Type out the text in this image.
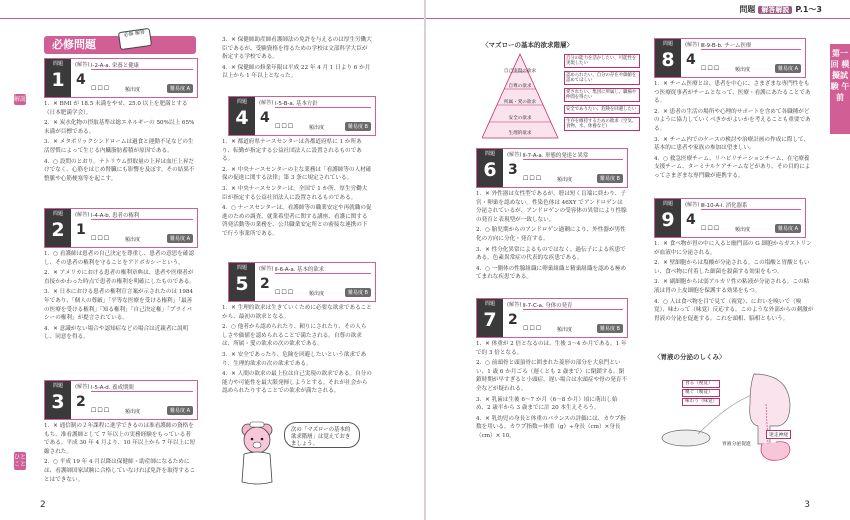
必修問題
必修 解答
解説
ひとこと
問題
1
(解答)
4
Ⅰ-2-A-a. 栄養と健康
☐☐☐	頻出度	難易度 A

1．✕ BMI が 18.5 未満をやせ、25.0 以上を肥満とする（日本肥満学会）。

2．✕ 炭水化物の摂取基準は総エネルギーの 50%以上 65%未満が目標である。

3．✕ メタボリックシンドロームは過食と運動不足などの生活習慣によって生じる内臓脂肪蓄積が原因である。

4．○ 設問のとおり。ナトリウム摂取量の上昇は血圧上昇だけでなく、心筋をはじめ腎臓にも影響を及ぼす。その結果不整脈や心筋梗塞等を起こす。

問題
2
(解答)
1
Ⅰ-4-A-b. 患者の権利
☐☐☐	頻出度	難易度 A

1．○ 看護師は患者の自己決定を尊重し、患者の意思を確認し、その患者の権利を守ることをアドボカシーという。

2．✕ アメリカにおける患者の権利章典は、患者や医療者が直接かかわった時点で患者の権利を明確にしたものである。

3．✕ 日本における患者の権利宣言案が示されたのは 1984 年であり、「個人の尊厳」「平等な医療を受ける権利」「最善の医療を受ける権利」「知る権利」「自己決定権」「プライバシーの権利」が提言されている。

4．✕ 意識がない場合や認知症などの場合は近親者に説明し、同意を得る。

問題
3
(解答)
2
Ⅰ-5-A-d. 養成期間
☐☐☐	頻出度	難易度 A

1．✕ 通信制の２年課程に進学できるのは准看護師の資格をもち、准看護師として 7 年以上の実務経験をもっている者である。平成 30 年 4 月より、10 年以上から 7 年以上に短縮された。

2．○ 平成 19 年 4 月以降は保健師・助産師になるためには、看護師国家試験に合格していなければ免許を取得することはできない。

3．✕ 保健師助産師看護師法の免許を与えるのは厚生労働大臣であるが、受験資格を得るための学校は文部科学大臣が指定する学校である。

4．✕ 保健師の修業年限は平成 22 年 4 月 1 日より 6 か月以上から 1 年以上となった。

問題
4
(解答)
4
Ⅰ-5-B-a. 基本方針
☐☐☐	頻出度	難易度 B

1．✕ 都道府県ナースセンターは各都道府県に 1 か所あり、転勤が指定する公益社団法人に設置されるものである。

2．✕ 中央ナースセンターの主な業務は「看護師等の人材確保の促進に関する法律」第 3 条に規定されている。

3．✕ 中央ナースセンターは、全国で 1 か所、厚生労働大臣が指定する公益社団法人に設置されるものである。

4．○ ナースセンターは、看護師等の職業安定や再就職の促進のための調査、就業希望者に関する講座、看護に関する啓発活動等の業務を、公共職業安定所との密接な連携の下で行う事業所である。

問題
5
(解答)
2
Ⅱ-6-A-a. 基本的欲求
☐☐☐	頻出度	難易度 B

1．✕ 生理的欲求は生きていくために必要な欲求であることから、最初の欲求となる。

2．○ 他者から認められたり、頼りにされたり、その人らしさや価値を認められることで満たされる。自尊の欲求は、所属・愛の欲求の次の欲求である。

3．✕ 安全であったり、危険を回避したいという欲求であり、生理的欲求の次の欲求である。

4．✕ 人間の欲求の最上位は自己実現の欲求である。自分の能力や可能性を最大限発揮しようとする。それが社会から認められたりすることでの欲求が満たされる。

次の「マズローの基本的欲求階層」は覚えておきましょう。
2
問題 解答解説 P.1～3
第一回 模擬試験 午前
〈マズローの基本的欲求階層〉
自己実現の欲求
自尊の欲求
所属・愛の欲求
安全の欲求
生理的欲求
自分の能力を活かしたい、可能性を実現したい
認められたい、自分の存在や価値を認めてほしい
愛されたい、集団に所属し、職場や仲間を得たい
安全でありたい、危険を回避したい
生存を維持するための欲求（空気、食物、水、休養など）
問題
6
(解答)
3
Ⅱ-7-A-a. 形態的発達と異常
☐☐☐	頻出度	難易度 B

1．✕ 外性器は女性型であるが、腟は短く盲端に終わり、子宮・卵巣を認めない。性染色体は 46XY でアンドロゲンは分泌されているが、アンドロゲンの受容体の異常により性腺の発育と表現型が一致しない。

2．○ 胎児期からのアンドロゲン過剰により、外性器が男性化の方向に分化・発育する。

3．✕ 性分化異常によるものではなく、過伝子による疾患である。色素異常症の代表的な疾患である。

4．○ 一側体の性腺組織に卵巣組織と精巣組織を認める極めてまれな疾患である。

問題
7
(解答)
2
Ⅱ-7-C-a. 身体の発育
☐☐☐	頻出度	難易度 B

1．✕ 体重が 2 倍となるのは、生後 3～4 か月である。1 年で約 3 倍となる。

2．○ 前頭骨と頭頂骨に囲まれた菱形の部分を大泉門といい、1 歳 6 か月ごろ（遅くとも 2 歳まで）に閉鎖する。閉鎖時期が早すぎると小頭症、遅い場合は水頭症や骨の発育不全などが疑われる。

3．✕ 乳歯は生後 6～7 か月（6～8 か月）頃に萌出し始め、2 歳半から 3 歳までに計 20 本生えそろう。

4．✕ 乳幼児の身長と体重のバランスの評価には、カウプ指数を用いる。カウプ指数＝体重（g）÷身長（cm）×身長（cm）× 10。

問題
8
(解答)
4
Ⅲ-9-B-b. チーム医療
☐☐☐	頻出度	難易度 A

1．✕ チーム医療とは、患者を中心に、さまざまな専門性をもつ医療従事者がチームとなって、医療・看護にあたることである。

2．✕ 患者の生活の場所や心理的サポートを含めて各職種がどのように協力していくべきかがよいかを考えることも重要である。

3．✕ チーム内でのケースの検討や治療計画の作成に際して、基本的に患者や家族の参加は望ましい。

4．○ 救急医療チーム、リハビリテーションチーム、在宅療養支援チーム、ターミナルケアチームなどがあり、その目的によってさまざまな専門職が連携する。

問題
9
(解答)
4
Ⅲ-10-A-i. 消化器系
☐☐☐	頻出度	難易度 A

1．✕ 食べ物が胃の中に入ると幽門部の G 細胞からガストリンが血液中に分泌される。

2．✕ 壁細胞からは塩酸が分泌される。この塩酸と胃酸ともいい、食べ物に付着した細菌を殺菌する効果をもつ。

3．✕ 副細胞からは弱アルカリ性の粘液が分泌される。この粘液は胃の上皮細胞を保護する効果をもつ。

4．○ 人は食べ物を目で見て（視覚）、においを嗅いで（嗅覚）、味わって（味覚）反応する。このような外部からの刺激が胃液の分泌を促進する。これを頭相、脳相ともいう。

〈胃液の分泌のしくみ〉
食る（視覚）
嗅ぐ（嗅覚）
味わう（味覚）
迷走神経
胃液分泌促進
3
